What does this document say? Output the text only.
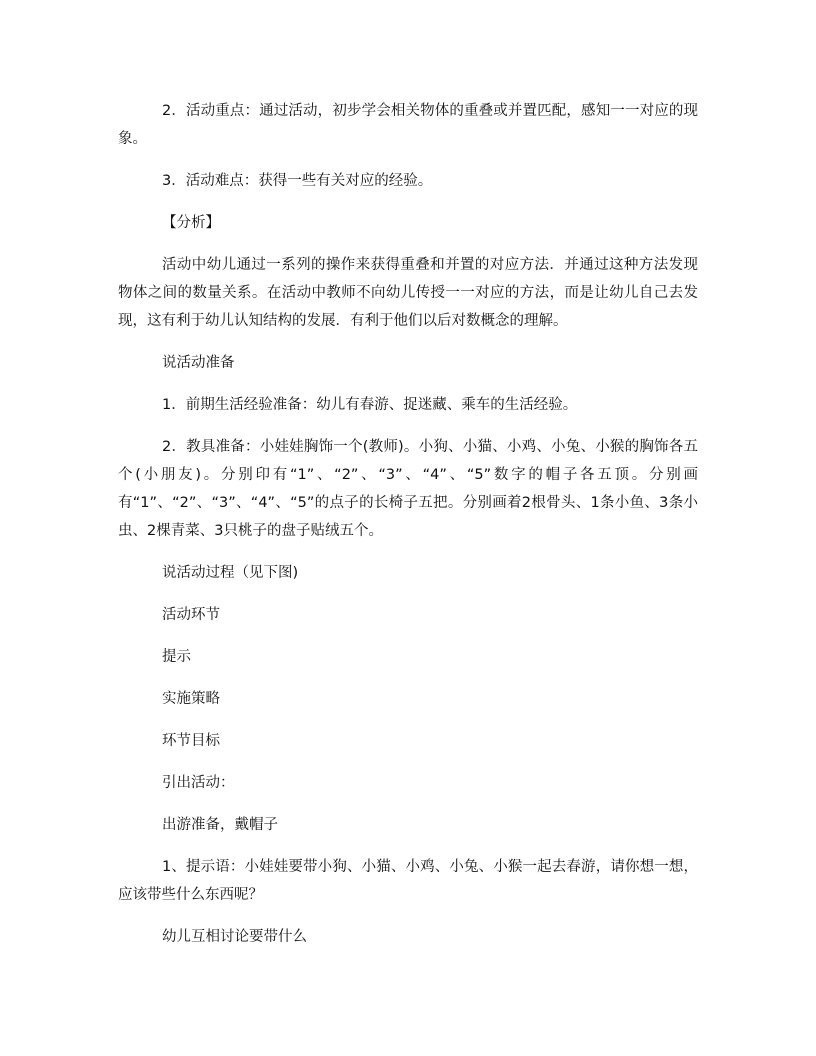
2．活动重点：通过活动，初步学会相关物体的重叠或并置匹配，感知一一对应的现象。

3．活动难点：获得一些有关对应的经验。

【分析】

活动中幼儿通过一系列的操作来获得重叠和并置的对应方法．并通过这种方法发现物体之间的数量关系。在活动中教师不向幼儿传授一一对应的方法，而是让幼儿自己去发现，这有利于幼儿认知结构的发展．有利于他们以后对数概念的理解。

说活动准备

1．前期生活经验准备：幼儿有春游、捉迷藏、乘车的生活经验。

2．教具准备：小娃娃胸饰一个(教师)。小狗、小猫、小鸡、小兔、小猴的胸饰各五个(小朋友)。分别印有“1”、“2”、“3”、“4”、“5”数字的帽子各五顶。分别画有“1”、“2”、“3”、“4”、“5”的点子的长椅子五把。分别画着2根骨头、1条小鱼、3条小虫、2棵青菜、3只桃子的盘子贴绒五个。

说活动过程（见下图)

活动环节

提示

实施策略

环节目标

引出活动：

出游准备，戴帽子

1、提示语：小娃娃要带小狗、小猫、小鸡、小兔、小猴一起去春游，请你想一想，应该带些什么东西呢？

幼儿互相讨论要带什么
